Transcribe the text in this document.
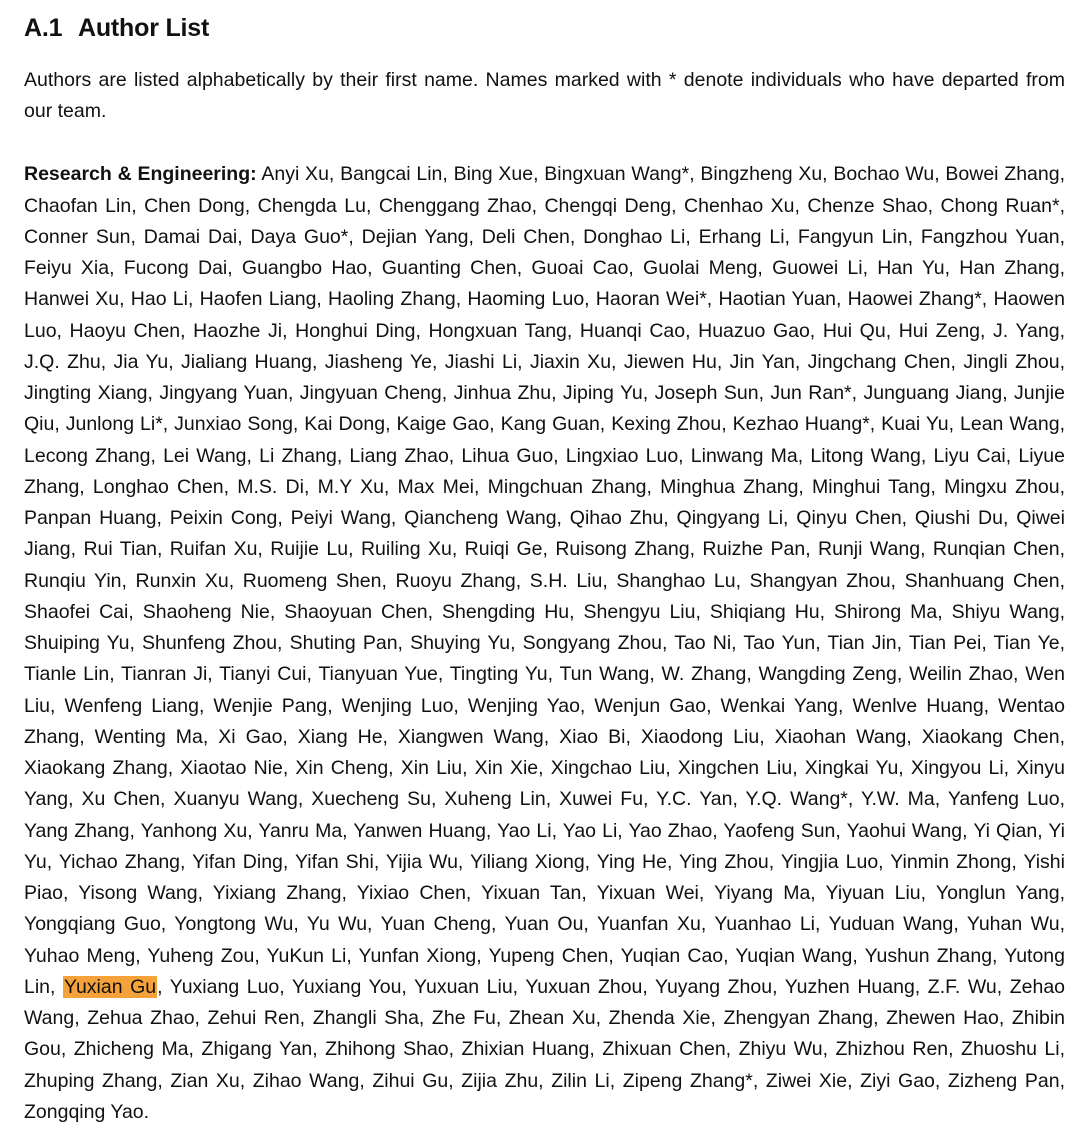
A.1 Author List

Authors are listed alphabetically by their first name. Names marked with * denote individuals who have departed from our team.

Research & Engineering: Anyi Xu, Bangcai Lin, Bing Xue, Bingxuan Wang*, Bingzheng Xu, Bochao Wu, Bowei Zhang, Chaofan Lin, Chen Dong, Chengda Lu, Chenggang Zhao, Chengqi Deng, Chenhao Xu, Chenze Shao, Chong Ruan*, Conner Sun, Damai Dai, Daya Guo*, Dejian Yang, Deli Chen, Donghao Li, Erhang Li, Fangyun Lin, Fangzhou Yuan, Feiyu Xia, Fucong Dai, Guangbo Hao, Guanting Chen, Guoai Cao, Guolai Meng, Guowei Li, Han Yu, Han Zhang, Hanwei Xu, Hao Li, Haofen Liang, Haoling Zhang, Haoming Luo, Haoran Wei*, Haotian Yuan, Haowei Zhang*, Haowen Luo, Haoyu Chen, Haozhe Ji, Honghui Ding, Hongxuan Tang, Huanqi Cao, Huazuo Gao, Hui Qu, Hui Zeng, J. Yang, J.Q. Zhu, Jia Yu, Jialiang Huang, Jiasheng Ye, Jiashi Li, Jiaxin Xu, Jiewen Hu, Jin Yan, Jingchang Chen, Jingli Zhou, Jingting Xiang, Jingyang Yuan, Jingyuan Cheng, Jinhua Zhu, Jiping Yu, Joseph Sun, Jun Ran*, Junguang Jiang, Junjie Qiu, Junlong Li*, Junxiao Song, Kai Dong, Kaige Gao, Kang Guan, Kexing Zhou, Kezhao Huang*, Kuai Yu, Lean Wang, Lecong Zhang, Lei Wang, Li Zhang, Liang Zhao, Lihua Guo, Lingxiao Luo, Linwang Ma, Litong Wang, Liyu Cai, Liyue Zhang, Longhao Chen, M.S. Di, M.Y Xu, Max Mei, Mingchuan Zhang, Minghua Zhang, Minghui Tang, Mingxu Zhou, Panpan Huang, Peixin Cong, Peiyi Wang, Qiancheng Wang, Qihao Zhu, Qingyang Li, Qinyu Chen, Qiushi Du, Qiwei Jiang, Rui Tian, Ruifan Xu, Ruijie Lu, Ruiling Xu, Ruiqi Ge, Ruisong Zhang, Ruizhe Pan, Runji Wang, Runqian Chen, Runqiu Yin, Runxin Xu, Ruomeng Shen, Ruoyu Zhang, S.H. Liu, Shanghao Lu, Shangyan Zhou, Shanhuang Chen, Shaofei Cai, Shaoheng Nie, Shaoyuan Chen, Shengding Hu, Shengyu Liu, Shiqiang Hu, Shirong Ma, Shiyu Wang, Shuiping Yu, Shunfeng Zhou, Shuting Pan, Shuying Yu, Songyang Zhou, Tao Ni, Tao Yun, Tian Jin, Tian Pei, Tian Ye, Tianle Lin, Tianran Ji, Tianyi Cui, Tianyuan Yue, Tingting Yu, Tun Wang, W. Zhang, Wangding Zeng, Weilin Zhao, Wen Liu, Wenfeng Liang, Wenjie Pang, Wenjing Luo, Wenjing Yao, Wenjun Gao, Wenkai Yang, Wenlve Huang, Wentao Zhang, Wenting Ma, Xi Gao, Xiang He, Xiangwen Wang, Xiao Bi, Xiaodong Liu, Xiaohan Wang, Xiaokang Chen, Xiaokang Zhang, Xiaotao Nie, Xin Cheng, Xin Liu, Xin Xie, Xingchao Liu, Xingchen Liu, Xingkai Yu, Xingyou Li, Xinyu Yang, Xu Chen, Xuanyu Wang, Xuecheng Su, Xuheng Lin, Xuwei Fu, Y.C. Yan, Y.Q. Wang*, Y.W. Ma, Yanfeng Luo, Yang Zhang, Yanhong Xu, Yanru Ma, Yanwen Huang, Yao Li, Yao Li, Yao Zhao, Yaofeng Sun, Yaohui Wang, Yi Qian, Yi Yu, Yichao Zhang, Yifan Ding, Yifan Shi, Yijia Wu, Yiliang Xiong, Ying He, Ying Zhou, Yingjia Luo, Yinmin Zhong, Yishi Piao, Yisong Wang, Yixiang Zhang, Yixiao Chen, Yixuan Tan, Yixuan Wei, Yiyang Ma, Yiyuan Liu, Yonglun Yang, Yongqiang Guo, Yongtong Wu, Yu Wu, Yuan Cheng, Yuan Ou, Yuanfan Xu, Yuanhao Li, Yuduan Wang, Yuhan Wu, Yuhao Meng, Yuheng Zou, YuKun Li, Yunfan Xiong, Yupeng Chen, Yuqian Cao, Yuqian Wang, Yushun Zhang, Yutong Lin, Yuxian Gu, Yuxiang Luo, Yuxiang You, Yuxuan Liu, Yuxuan Zhou, Yuyang Zhou, Yuzhen Huang, Z.F. Wu, Zehao Wang, Zehua Zhao, Zehui Ren, Zhangli Sha, Zhe Fu, Zhean Xu, Zhenda Xie, Zhengyan Zhang, Zhewen Hao, Zhibin Gou, Zhicheng Ma, Zhigang Yan, Zhihong Shao, Zhixian Huang, Zhixuan Chen, Zhiyu Wu, Zhizhou Ren, Zhuoshu Li, Zhuping Zhang, Zian Xu, Zihao Wang, Zihui Gu, Zijia Zhu, Zilin Li, Zipeng Zhang*, Ziwei Xie, Ziyi Gao, Zizheng Pan, Zongqing Yao.
